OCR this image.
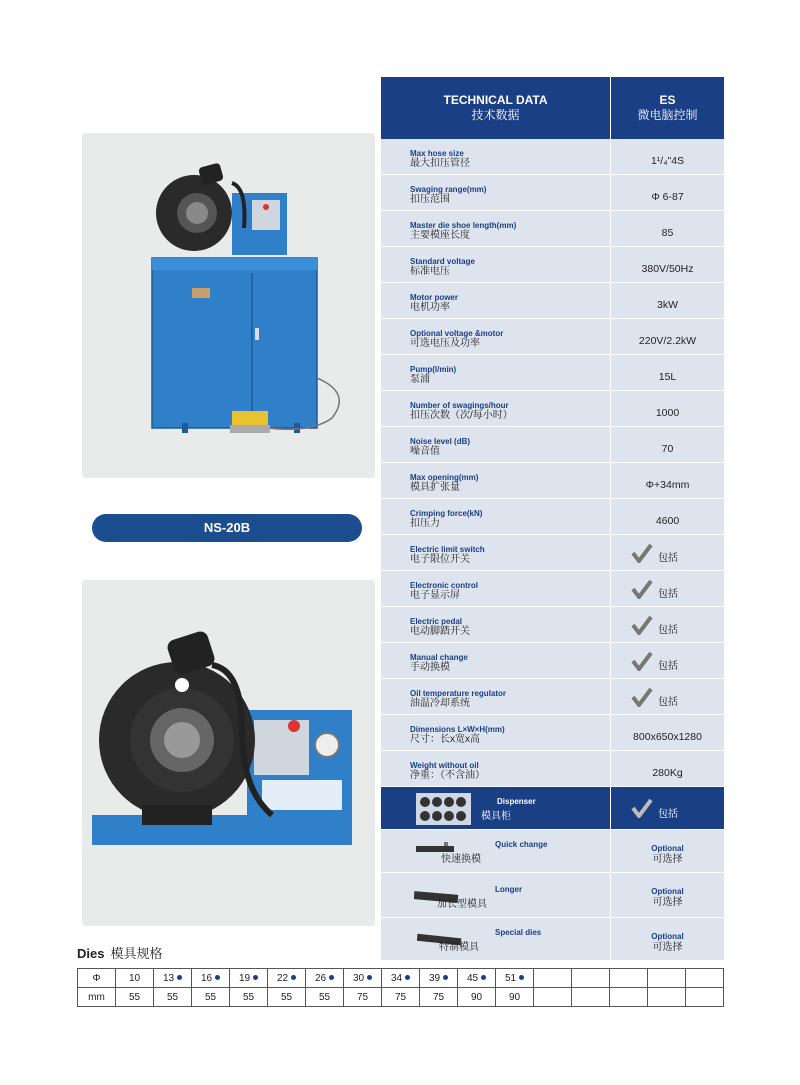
NS-20B
TECHNICAL DATA
技术数据
ES
微电脑控制
Max hose size
最大扣压管径	1¹/₄"4S
Swaging range(mm)
扣压范围	Φ 6-87
Master die shoe length(mm)
主要模座长度	85
Standard voltage
标准电压	380V/50Hz
Motor power
电机功率	3kW
Optional voltage &motor
可选电压及功率	220V/2.2kW
Pump(l/min)
泵浦	15L
Number of swagings/hour
扣压次数（次/每小时）	1000
Noise level (dB)
噪音值	70
Max opening(mm)
模具扩张量	Φ+34mm
Crimping force(kN)
扣压力	4600
Electric limit switch
电子限位开关	包括
Electronic control
电子显示屏	包括
Electric pedal
电动脚踏开关	包括
Manual change
手动换模	包括
Oil temperature regulator
油温冷却系统	包括
Dimensions L×W×H(mm)
尺寸：长x宽x高	800x650x1280
Weight without oil
净重：（不含油）	280Kg
Dispenser
模具柜	包括
Quick change
快速换模
Optional
可选择
Longer
加长型模具
Optional
可选择
Special dies
特制模具
Optional
可选择
Dies 模具规格
Φ	10	13	16	19	22	26	30	34	39	45	51					
mm	55	55	55	55	55	55	75	75	75	90	90					
